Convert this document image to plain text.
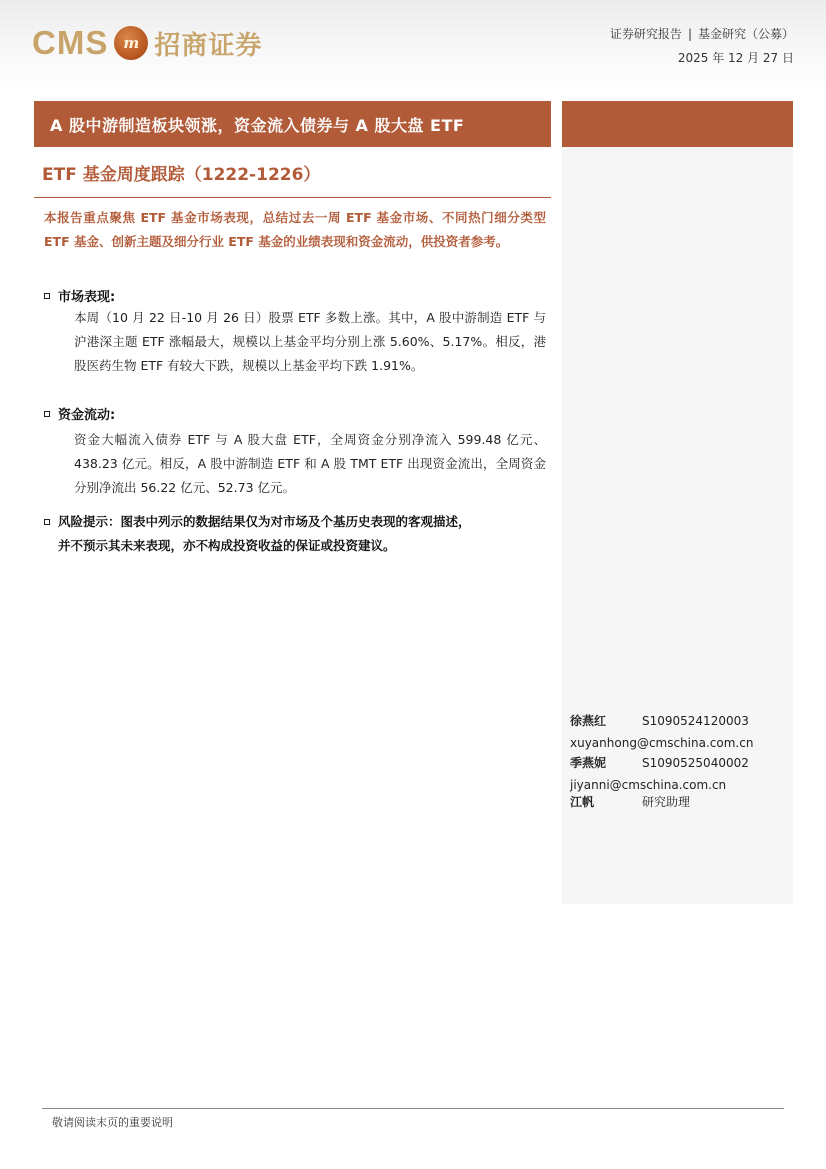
CMS	m 招商证券	证券研究报告 | 基金研究（公募）
2025 年 12 月 27 日
A 股中游制造板块领涨，资金流入债券与 A 股大盘 ETF
ETF 基金周度跟踪（1222-1226）
本报告重点聚焦 ETF 基金市场表现，总结过去一周 ETF 基金市场、不同热门细分类型 ETF 基金、创新主题及细分行业 ETF 基金的业绩表现和资金流动，供投资者参考。
市场表现:
本周（10 月 22 日-10 月 26 日）股票 ETF 多数上涨。其中，A 股中游制造 ETF 与沪港深主题 ETF 涨幅最大，规模以上基金平均分别上涨 5.60%、5.17%。相反，港股医药生物 ETF 有较大下跌，规模以上基金平均下跌 1.91%。
资金流动:
资金大幅流入债券 ETF 与 A 股大盘 ETF，全周资金分别净流入 599.48 亿元、438.23 亿元。相反，A 股中游制造 ETF 和 A 股 TMT ETF 出现资金流出，全周资金分别净流出 56.22 亿元、52.73 亿元。
风险提示：图表中列示的数据结果仅为对市场及个基历史表现的客观描述，
并不预示其未来表现，亦不构成投资收益的保证或投资建议。
徐燕红	S1090524120003
xuyanhong@cmschina.com.cn
季燕妮	S1090525040002
jiyanni@cmschina.com.cn
江帆	研究助理
敬请阅读末页的重要说明
